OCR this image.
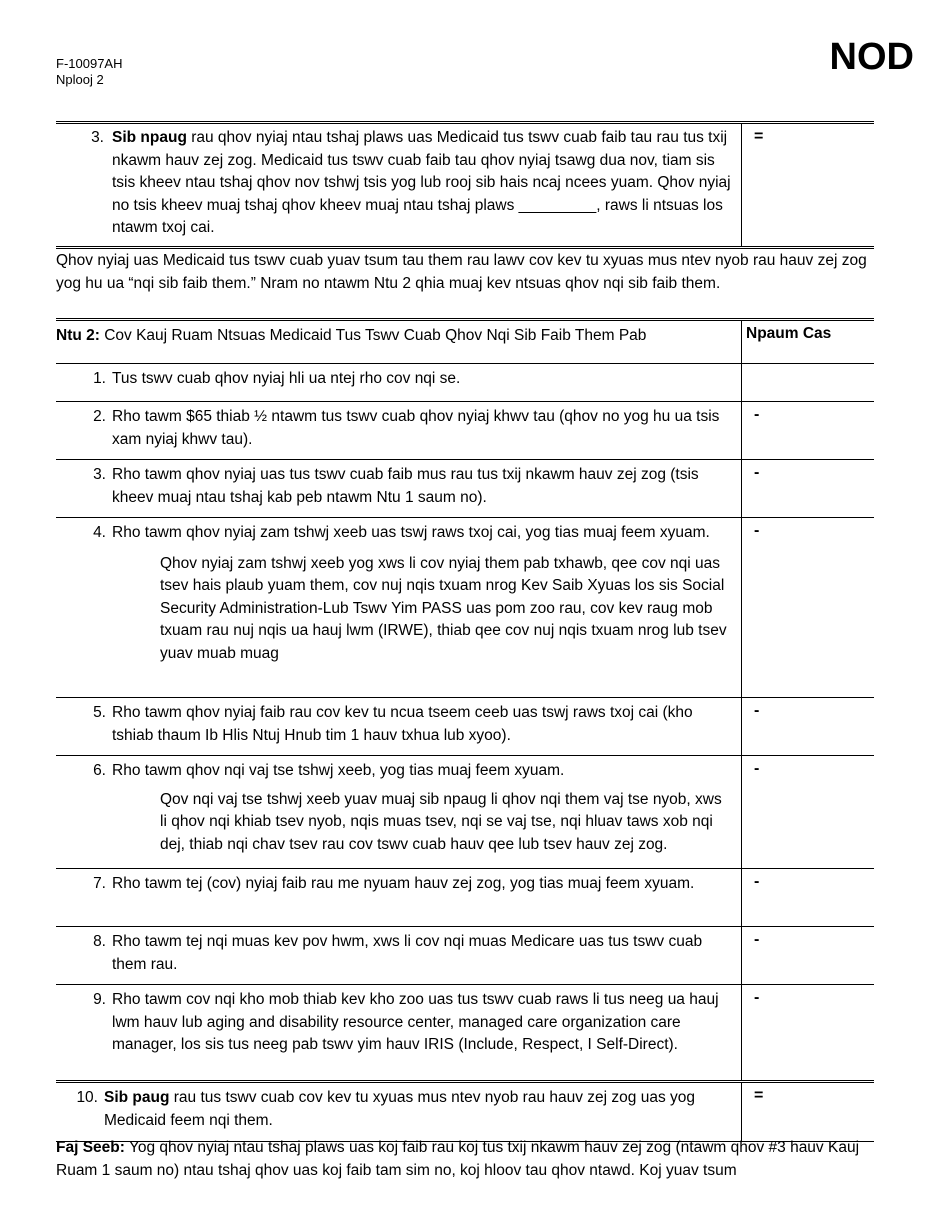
F-10097AH
Nplooj 2
NOD
3. Sib npaug rau qhov nyiaj ntau tshaj plaws uas Medicaid tus tswv cuab faib tau rau tus txij nkawm hauv zej zog. Medicaid tus tswv cuab faib tau qhov nyiaj tsawg dua nov, tiam sis tsis kheev ntau tshaj qhov nov tshwj tsis yog lub rooj sib hais ncaj ncees yuam. Qhov nyiaj no tsis kheev muaj tshaj qhov kheev muaj ntau tshaj plaws _________, raws li ntsuas los ntawm txoj cai.
=
Qhov nyiaj uas Medicaid tus tswv cuab yuav tsum tau them rau lawv cov kev tu xyuas mus ntev nyob rau hauv zej zog yog hu ua “nqi sib faib them.” Nram no ntawm Ntu 2 qhia muaj kev ntsuas qhov nqi sib faib them.
Ntu 2: Cov Kauj Ruam Ntsuas Medicaid Tus Tswv Cuab Qhov Nqi Sib Faib Them Pab	Npaum Cas
1. Tus tswv cuab qhov nyiaj hli ua ntej rho cov nqi se.
2. Rho tawm $65 thiab ½ ntawm tus tswv cuab qhov nyiaj khwv tau (qhov no yog hu ua tsis xam nyiaj khwv tau).
-
3. Rho tawm qhov nyiaj uas tus tswv cuab faib mus rau tus txij nkawm hauv zej zog (tsis kheev muaj ntau tshaj kab peb ntawm Ntu 1 saum no).
-
4. Rho tawm qhov nyiaj zam tshwj xeeb uas tswj raws txoj cai, yog tias muaj feem xyuam.
Qhov nyiaj zam tshwj xeeb yog xws li cov nyiaj them pab txhawb, qee cov nqi uas tsev hais plaub yuam them, cov nuj nqis txuam nrog Kev Saib Xyuas los sis Social Security Administration-Lub Tswv Yim PASS uas pom zoo rau, cov kev raug mob txuam rau nuj nqis ua hauj lwm (IRWE), thiab qee cov nuj nqis txuam nrog lub tsev yuav muab muag
-
5. Rho tawm qhov nyiaj faib rau cov kev tu ncua tseem ceeb uas tswj raws txoj cai (kho tshiab thaum Ib Hlis Ntuj Hnub tim 1 hauv txhua lub xyoo).
-
6. Rho tawm qhov nqi vaj tse tshwj xeeb, yog tias muaj feem xyuam.
Qov nqi vaj tse tshwj xeeb yuav muaj sib npaug li qhov nqi them vaj tse nyob, xws li qhov nqi khiab tsev nyob, nqis muas tsev, nqi se vaj tse, nqi hluav taws xob nqi dej, thiab nqi chav tsev rau cov tswv cuab hauv qee lub tsev hauv zej zog.
-
7. Rho tawm tej (cov) nyiaj faib rau me nyuam hauv zej zog, yog tias muaj feem xyuam.	-
8. Rho tawm tej nqi muas kev pov hwm, xws li cov nqi muas Medicare uas tus tswv cuab them rau.
-
9. Rho tawm cov nqi kho mob thiab kev kho zoo uas tus tswv cuab raws li tus neeg ua hauj lwm hauv lub aging and disability resource center, managed care organization care manager, los sis tus neeg pab tswv yim hauv IRIS (Include, Respect, I Self-Direct).
-
10. Sib paug rau tus tswv cuab cov kev tu xyuas mus ntev nyob rau hauv zej zog uas yog Medicaid feem nqi them.
=
Faj Seeb: Yog qhov nyiaj ntau tshaj plaws uas koj faib rau koj tus txij nkawm hauv zej zog (ntawm qhov #3 hauv Kauj Ruam 1 saum no) ntau tshaj qhov uas koj faib tam sim no, koj hloov tau qhov ntawd. Koj yuav tsum
